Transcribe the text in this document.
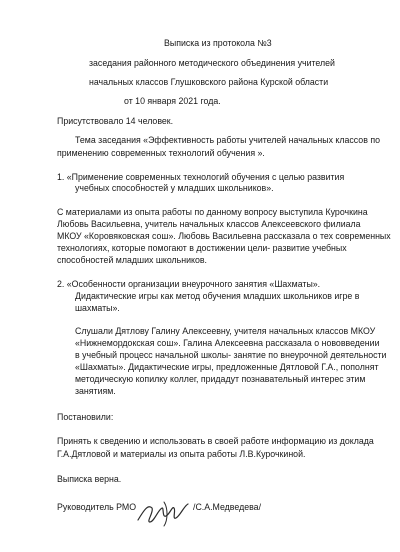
Выписка из протокола №3
заседания районного методического объединения учителей
начальных классов Глушковского района Курской области
от 10 января 2021 года.
Присутствовало 14 человек.
Тема заседания «Эффективность работы учителей начальных классов по
применению современных технологий обучения ».
1. «Применение современных технологий обучения с целью развития
учебных способностей у младших школьников».
С материалами из опыта работы по данному вопросу выступила Курочкина
Любовь Васильевна, учитель начальных классов Алексеевского филиала
МКОУ «Коровяковская сош». Любовь Васильевна рассказала о тех современных
технологиях, которые помогают в достижении цели- развитие учебных
способностей младших школьников.
2. «Особенности организации внеурочного занятия «Шахматы».
Дидактические игры как метод обучения младших школьников игре в
шахматы».
Слушали Дятлову Галину Алексеевну, учителя начальных классов МКОУ
«Нижнемордокская сош». Галина Алексеевна рассказала о нововведении
в учебный процесс начальной школы- занятие по внеурочной деятельности
«Шахматы». Дидактические игры, предложенные Дятловой Г.А., пополнят
методическую копилку коллег, придадут познавательный интерес этим
занятиям.
Постановили:
Принять к сведению и использовать в своей работе информацию из доклада
Г.А.Дятловой и материалы из опыта работы Л.В.Курочкиной.
Выписка верна.
Руководитель РМО	/С.А.Медведева/
